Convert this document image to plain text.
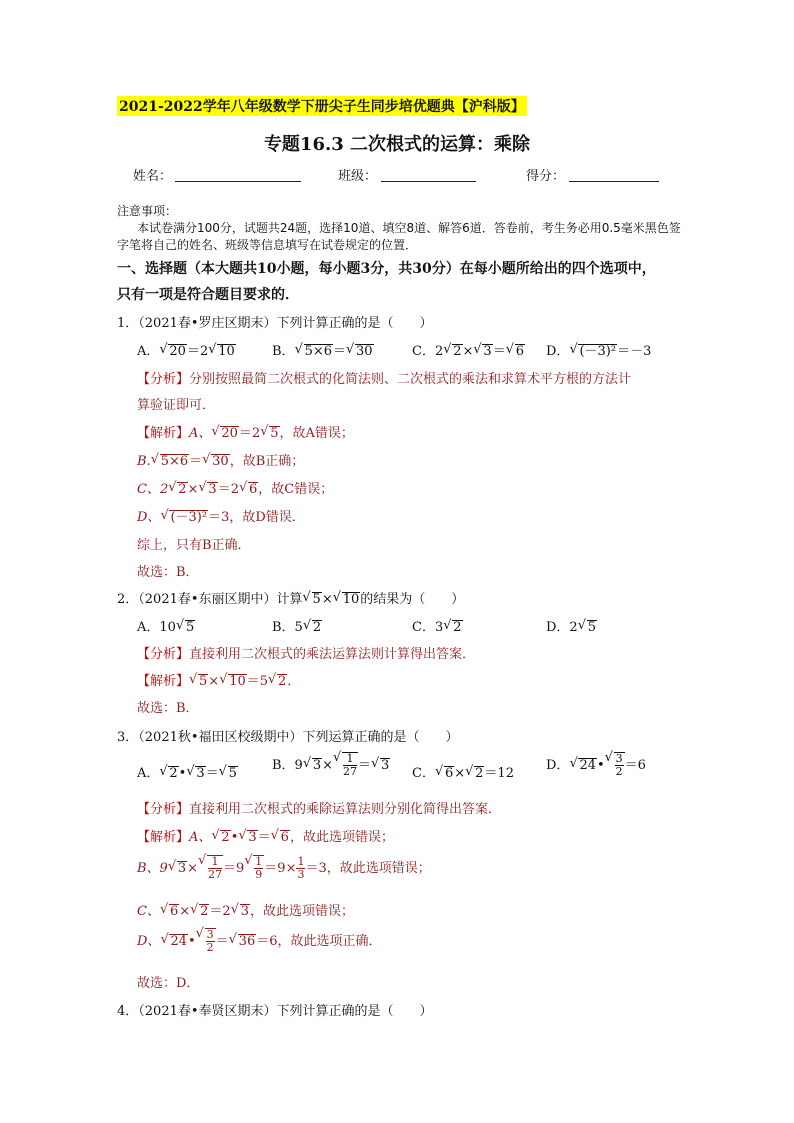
2021-2022学年八年级数学下册尖子生同步培优题典【沪科版】
专题16.3 二次根式的运算：乘除
姓名：	班级：	得分：
注意事项：
本试卷满分100分，试题共24题，选择10道、填空8道、解答6道．答卷前，考生务必用0.5毫米黑色签字笔将自己的姓名、班级等信息填写在试卷规定的位置．
一、选择题（本大题共10小题，每小题3分，共30分）在每小题所给出的四个选项中，
只有一项是符合题目要求的．
1．（2021春•罗庄区期末）下列计算正确的是（　　）
A． √ 20＝2 √ 10	B． √ 5×6＝ √ 30	C．2 √ 2× √ 3＝ √ 6 D． √ (－3)²＝－3
【分析】分别按照最简二次根式的化简法则、二次根式的乘法和求算术平方根的方法计
算验证即可．
【解析】A、 √ 20＝2 √ 5，故A错误；
B. √ 5×6＝ √ 30，故B正确；
C、2 √ 2× √ 3＝2 √ 6，故C错误；
D、 √ (－3)²＝3，故D错误．
综上，只有B正确．
故选：B．
2．（2021春•东丽区期中）计算 √ 5× √ 10的结果为（　　）
A．10 √ 5	B．5 √ 2	C．3 √ 2	D．2 √ 5
【分析】直接利用二次根式的乘法运算法则计算得出答案．
【解析】 √ 5× √ 10＝5 √ 2．
故选：B．
3．（2021秋•福田区校级期中）下列运算正确的是（　　）
A． √ 2• √ 3＝ √ 5
B．9 √ 3× √ $\frac{1}{27}$ ＝ √ 3
C． √ 6× √ 2＝12
D． √ 24• √ $\frac{3}{2} =6$
【分析】直接利用二次根式的乘除运算法则分别化简得出答案．
【解析】A、 √ 2• √ 3＝ √ 6，故此选项错误；
B、9 √ 3× √ $\frac{1}{27} =9$ √ $\frac{1}{9} =9\times \frac{1}{3} =3$，故此选项错误；
C、 √ 6× √ 2＝2 √ 3，故此选项错误；
D、 √ 24• √ $\frac{3}{2}$ ＝ √ 36＝6，故此选项正确．
故选：D．
4．（2021春•奉贤区期末）下列计算正确的是（　　）
